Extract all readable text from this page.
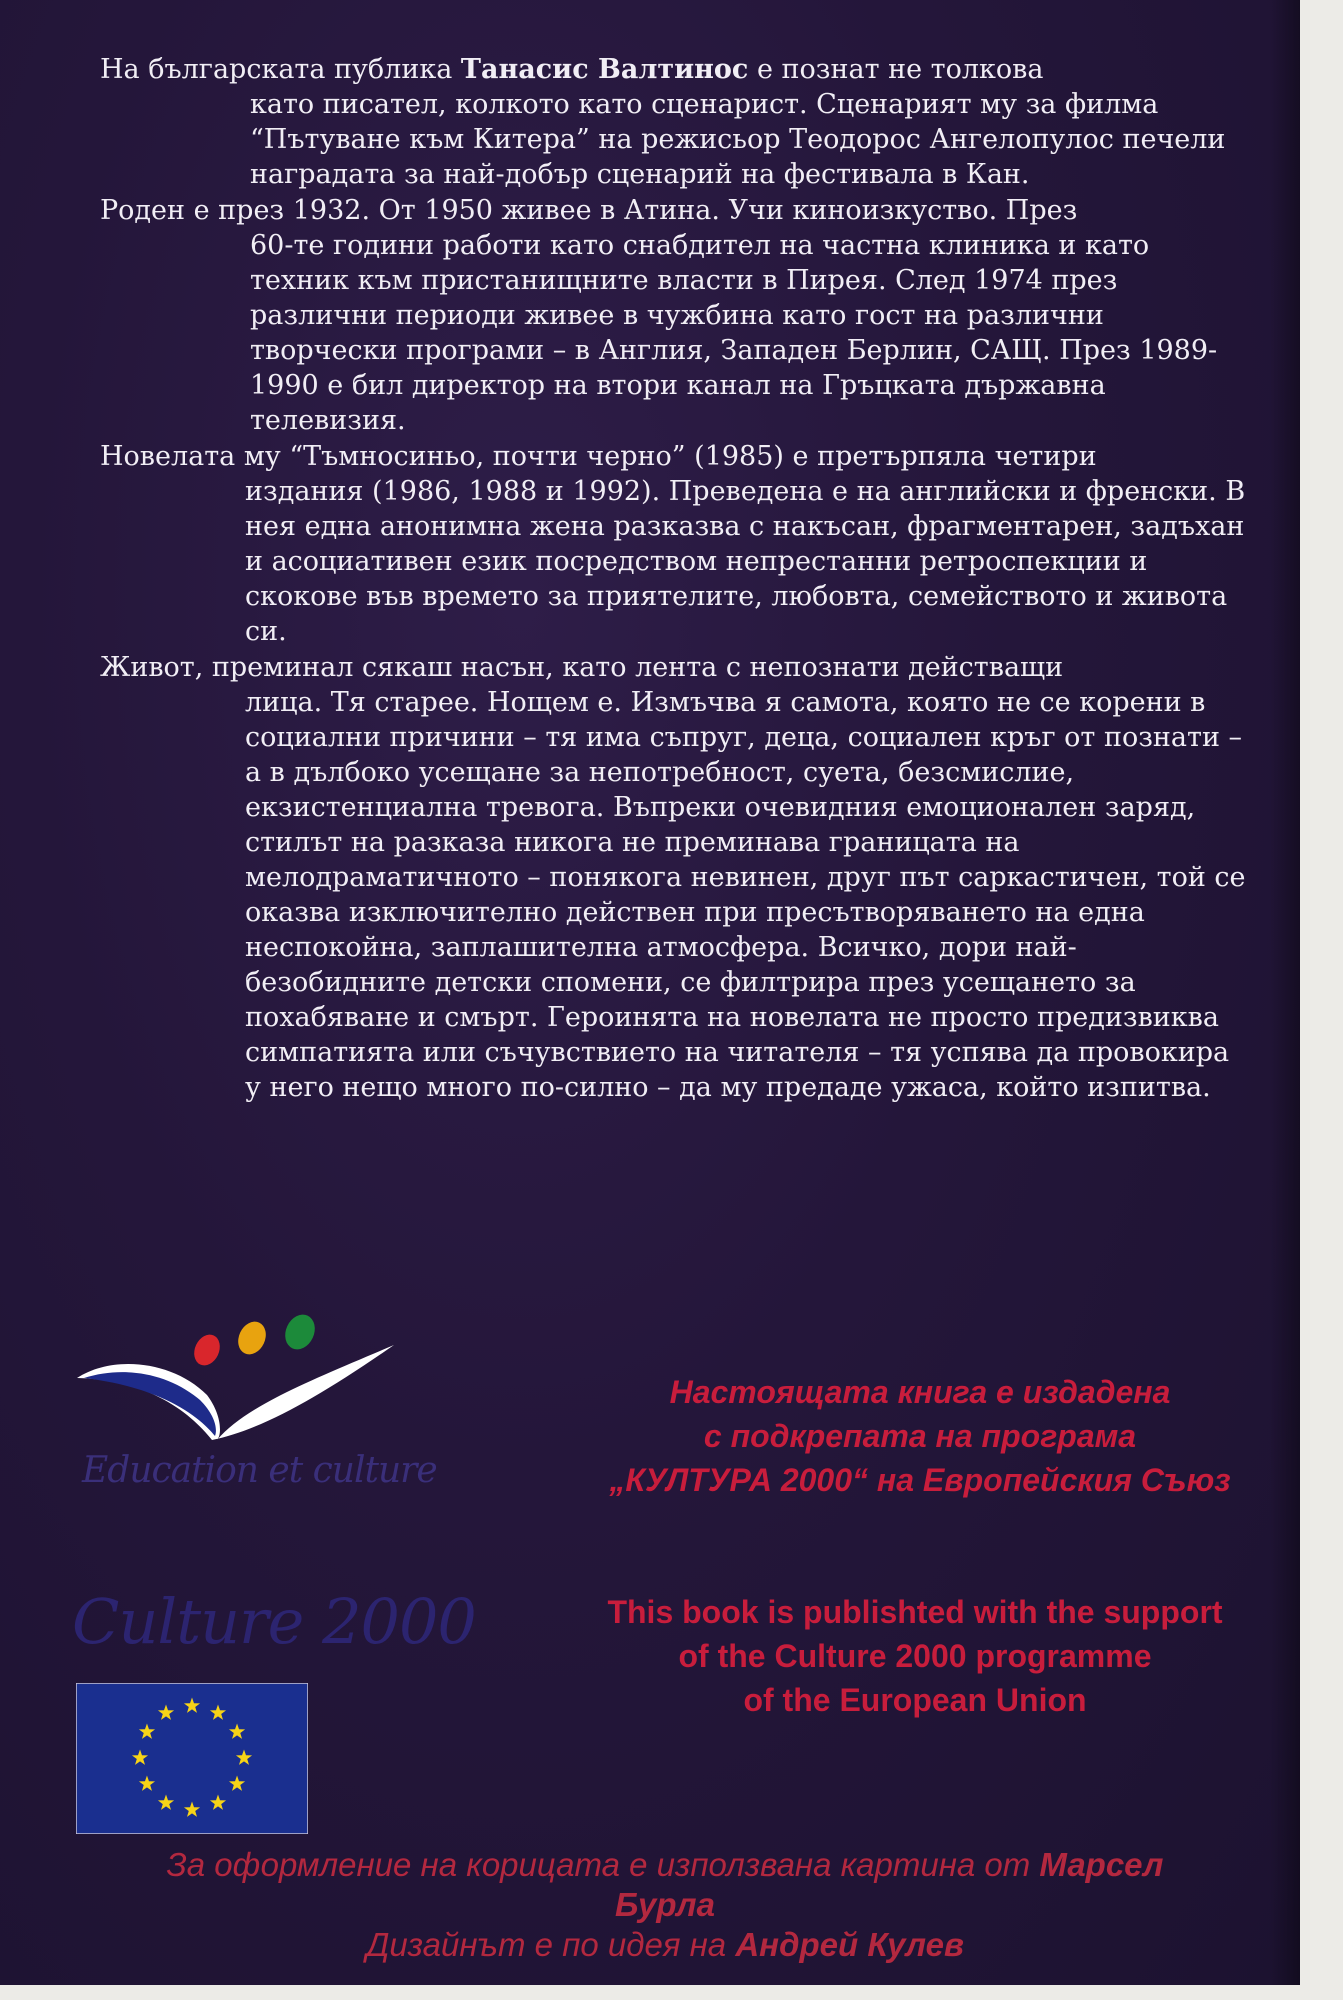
На българската публика Танасис Валтинос е познат не толкова
като писател, колкото като сценарист. Сценарият му за филма “Пътуване към Китера” на режисьор Теодорос Ангелопулос печели наградата за най-добър сценарий на фестивала в Кан.

Роден е през 1932. От 1950 живее в Атина. Учи киноизкуство. През
60-те години работи като снабдител на частна клиника и като техник към пристанищните власти в Пирея. След 1974 през различни периоди живее в чужбина като гост на различни творчески програми – в Англия, Западен Берлин, САЩ. През 1989-1990 е бил директор на втори канал на Гръцката държавна телевизия.

Новелата му “Тъмносиньо, почти черно” (1985) е претърпяла четири
издания (1986, 1988 и 1992). Преведена е на английски и френски. В нея една анонимна жена разказва с накъсан, фрагментарен, задъхан и асоциативен език посредством непрестанни ретроспекции и скокове във времето за приятелите, любовта, семейството и живота си.

Живот, преминал сякаш насън, като лента с непознати действащи
лица. Тя старее. Нощем е. Измъчва я самота, която не се корени в социални причини – тя има съпруг, деца, социален кръг от познати – а в дълбоко усещане за непотребност, суета, безсмислие, екзистенциална тревога. Въпреки очевидния емоционален заряд, стилът на разказа никога не преминава границата на мелодраматичното – понякога невинен, друг път саркастичен, той се оказва изключително действен при пресътворяването на една неспокойна, заплашителна атмосфера. Всичко, дори най-безобидните детски спомени, се филтрира през усещането за похабяване и смърт. Героинята на новелата не просто предизвиква симпатията или съчувствието на читателя – тя успява да провокира у него нещо много по-силно – да му предаде ужаса, който изпитва.

Education et culture
Culture 2000
Настоящата книга е издадена
с подкрепата на програма
„КУЛТУРА 2000“ на Европейския Съюз
This book is publishted with the support
of the Culture 2000 programme
of the European Union
За оформление на корицата е използвана картина от Марсел Бурла
Дизайнът е по идея на Андрей Кулев
